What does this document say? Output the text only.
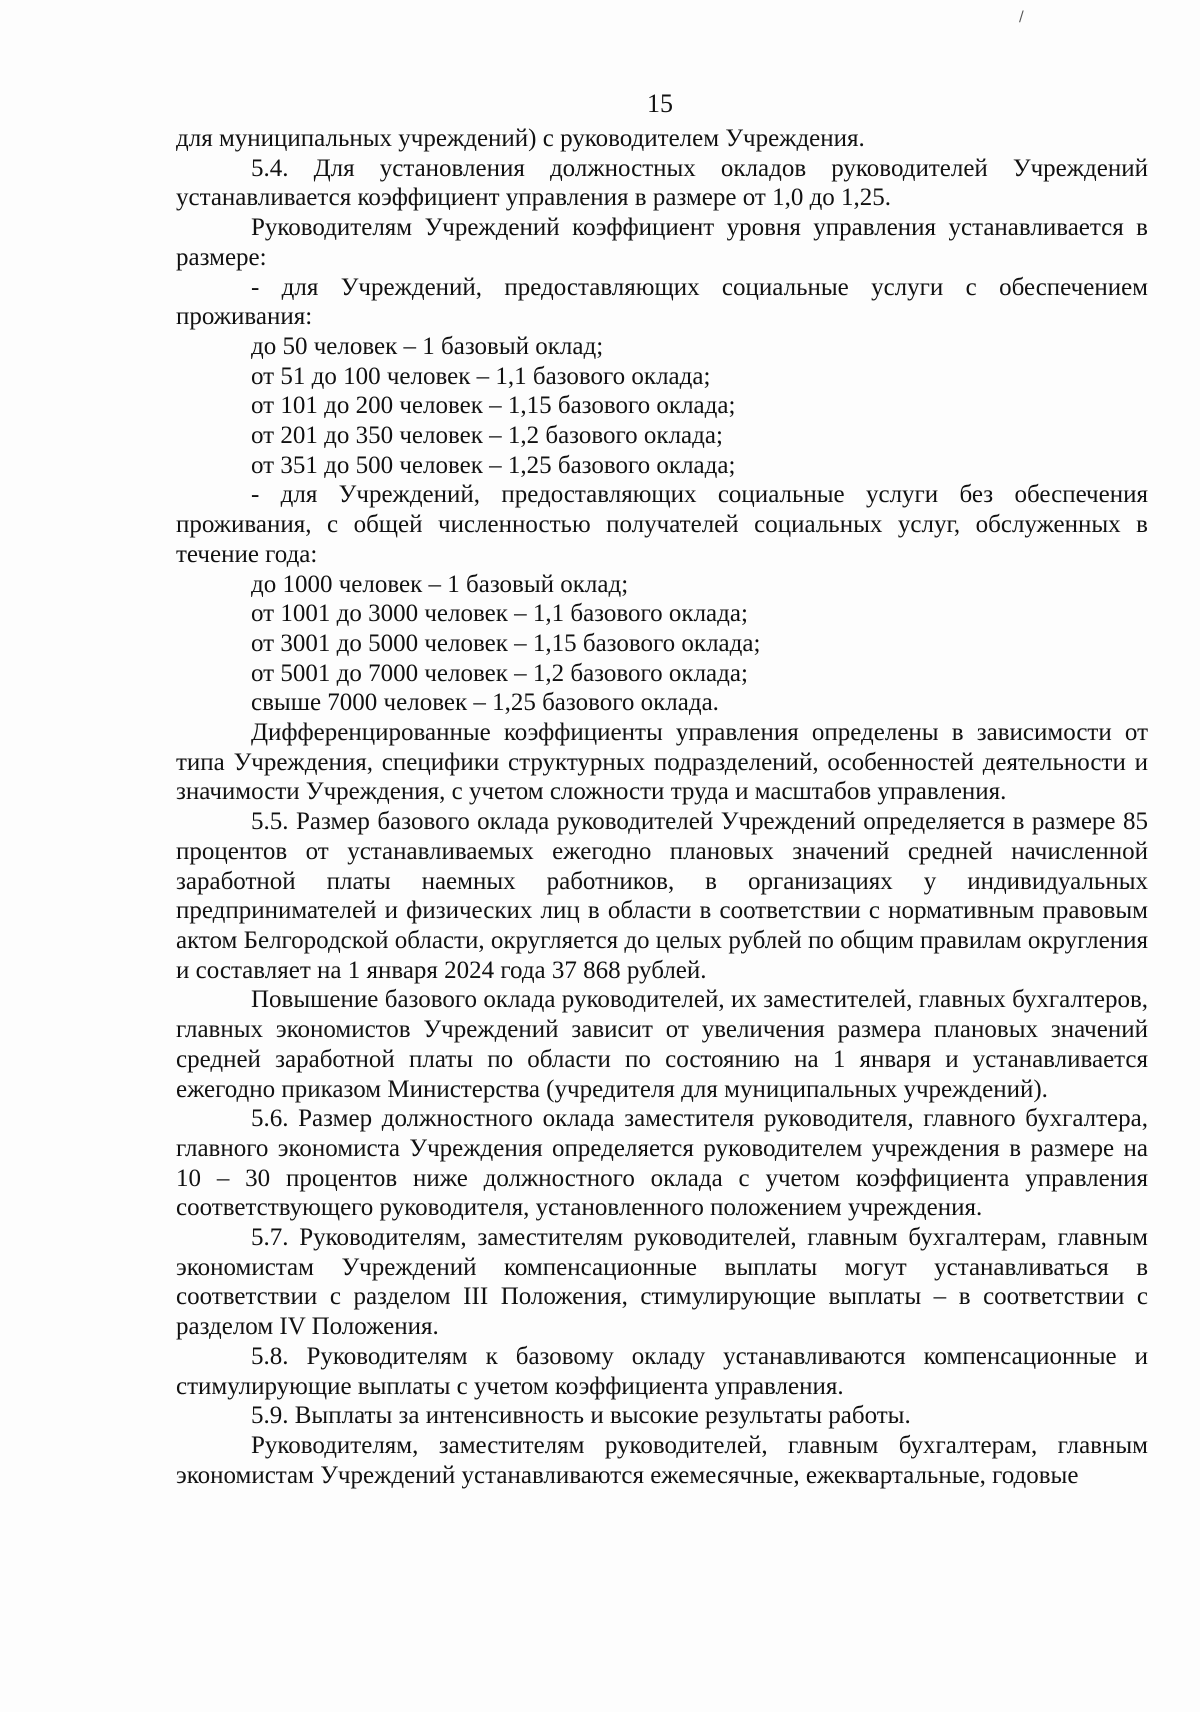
/
15

для муниципальных учреждений) с руководителем Учреждения.

5.4. Для установления должностных окладов руководителей Учреждений устанавливается коэффициент управления в размере от 1,0 до 1,25.

Руководителям Учреждений коэффициент уровня управления устанавливается в размере:

- для Учреждений, предоставляющих социальные услуги с обеспечением проживания:

до 50 человек – 1 базовый оклад;

от 51 до 100 человек – 1,1 базового оклада;

от 101 до 200 человек – 1,15 базового оклада;

от 201 до 350 человек – 1,2 базового оклада;

от 351 до 500 человек – 1,25 базового оклада;

- для Учреждений, предоставляющих социальные услуги без обеспечения проживания, с общей численностью получателей социальных услуг, обслуженных в течение года:

до 1000 человек – 1 базовый оклад;

от 1001 до 3000 человек – 1,1 базового оклада;

от 3001 до 5000 человек – 1,15 базового оклада;

от 5001 до 7000 человек – 1,2 базового оклада;

свыше 7000 человек – 1,25 базового оклада.

Дифференцированные коэффициенты управления определены в зависимости от типа Учреждения, специфики структурных подразделений, особенностей деятельности и значимости Учреждения, с учетом сложности труда и масштабов управления.

5.5. Размер базового оклада руководителей Учреждений определяется в размере 85 процентов от устанавливаемых ежегодно плановых значений средней начисленной заработной платы наемных работников, в организациях у индивидуальных предпринимателей и физических лиц в области в соответствии с нормативным правовым актом Белгородской области, округляется до целых рублей по общим правилам округления и составляет на 1 января 2024 года 37 868 рублей.

Повышение базового оклада руководителей, их заместителей, главных бухгалтеров, главных экономистов Учреждений зависит от увеличения размера плановых значений средней заработной платы по области по состоянию на 1 января и устанавливается ежегодно приказом Министерства (учредителя для муниципальных учреждений).

5.6. Размер должностного оклада заместителя руководителя, главного бухгалтера, главного экономиста Учреждения определяется руководителем учреждения в размере на 10 – 30 процентов ниже должностного оклада с учетом коэффициента управления соответствующего руководителя, установленного положением учреждения.

5.7. Руководителям, заместителям руководителей, главным бухгалтерам, главным экономистам Учреждений компенсационные выплаты могут устанавливаться в соответствии с разделом III Положения, стимулирующие выплаты – в соответствии с разделом IV Положения.

5.8. Руководителям к базовому окладу устанавливаются компенсационные и стимулирующие выплаты с учетом коэффициента управления.

5.9. Выплаты за интенсивность и высокие результаты работы.

Руководителям, заместителям руководителей, главным бухгалтерам, главным экономистам Учреждений устанавливаются ежемесячные, ежеквартальные, годовые
